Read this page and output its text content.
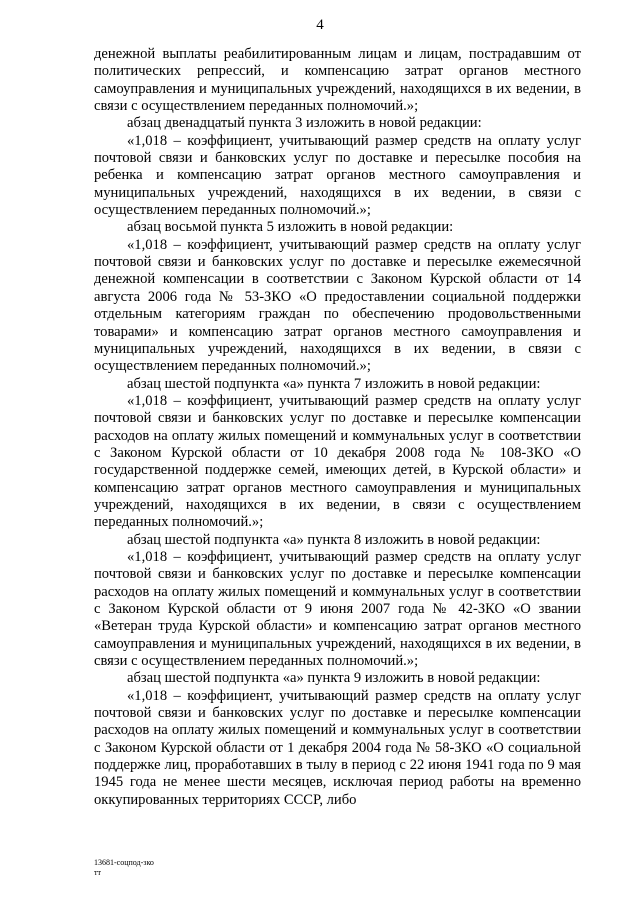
4

денежной выплаты реабилитированным лицам и лицам, пострадавшим от политических репрессий, и компенсацию затрат органов местного самоуправления и муниципальных учреждений, находящихся в их ведении, в связи с осуществлением переданных полномочий.»;

абзац двенадцатый пункта 3 изложить в новой редакции:

«1,018 – коэффициент, учитывающий размер средств на оплату услуг почтовой связи и банковских услуг по доставке и пересылке пособия на ребенка и компенсацию затрат органов местного самоуправления и муниципальных учреждений, находящихся в их ведении, в связи с осуществлением переданных полномочий.»;

абзац восьмой пункта 5 изложить в новой редакции:

«1,018 – коэффициент, учитывающий размер средств на оплату услуг почтовой связи и банковских услуг по доставке и пересылке ежемесячной денежной компенсации в соответствии с Законом Курской области от 14 августа 2006 года № 53-ЗКО «О предоставлении социальной поддержки отдельным категориям граждан по обеспечению продовольственными товарами» и компенсацию затрат органов местного самоуправления и муниципальных учреждений, находящихся в их ведении, в связи с осуществлением переданных полномочий.»;

абзац шестой подпункта «а» пункта 7 изложить в новой редакции:

«1,018 – коэффициент, учитывающий размер средств на оплату услуг почтовой связи и банковских услуг по доставке и пересылке компенсации расходов на оплату жилых помещений и коммунальных услуг в соответствии с Законом Курской области от 10 декабря 2008 года № 108-ЗКО «О государственной поддержке семей, имеющих детей, в Курской области» и компенсацию затрат органов местного самоуправления и муниципальных учреждений, находящихся в их ведении, в связи с осуществлением переданных полномочий.»;

абзац шестой подпункта «а» пункта 8 изложить в новой редакции:

«1,018 – коэффициент, учитывающий размер средств на оплату услуг почтовой связи и банковских услуг по доставке и пересылке компенсации расходов на оплату жилых помещений и коммунальных услуг в соответствии с Законом Курской области от 9 июня 2007 года № 42-ЗКО «О звании «Ветеран труда Курской области» и компенсацию затрат органов местного самоуправления и муниципальных учреждений, находящихся в их ведении, в связи с осуществлением переданных полномочий.»;

абзац шестой подпункта «а» пункта 9 изложить в новой редакции:

«1,018 – коэффициент, учитывающий размер средств на оплату услуг почтовой связи и банковских услуг по доставке и пересылке компенсации расходов на оплату жилых помещений и коммунальных услуг в соответствии с Законом Курской области от 1 декабря 2004 года № 58-ЗКО «О социальной поддержке лиц, проработавших в тылу в период с 22 июня 1941 года по 9 мая 1945 года не менее шести месяцев, исключая период работы на временно оккупированных территориях СССР, либо

13681-соцпод-зко
тт
